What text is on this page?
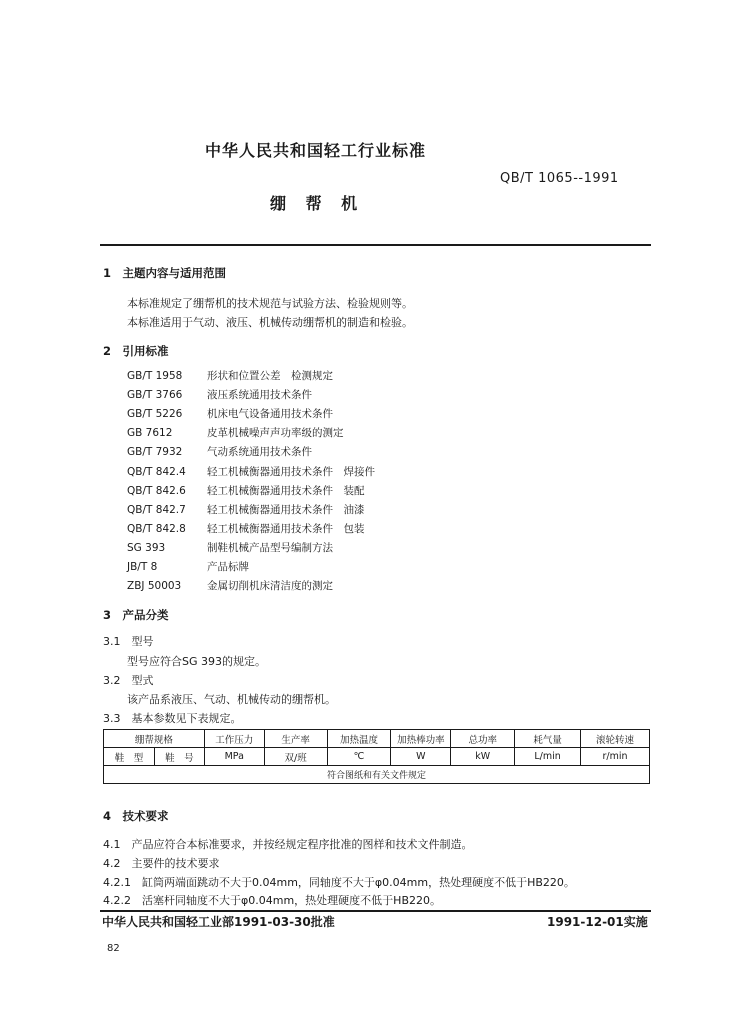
中华人民共和国轻工行业标准
QB/T 1065--1991
绷 帮 机
1　主题内容与适用范围
本标准规定了绷帮机的技术规范与试验方法、检验规则等。
本标准适用于气动、液压、机械传动绷帮机的制造和检验。
2　引用标准
GB/T 1958 形状和位置公差　检测规定
GB/T 3766 液压系统通用技术条件
GB/T 5226 机床电气设备通用技术条件
GB 7612	皮革机械噪声声功率级的测定
GB/T 7932 气动系统通用技术条件
QB/T 842.4 轻工机械衡器通用技术条件　焊接件
QB/T 842.6 轻工机械衡器通用技术条件　装配
QB/T 842.7 轻工机械衡器通用技术条件　油漆
QB/T 842.8 轻工机械衡器通用技术条件　包装
SG 393	制鞋机械产品型号编制方法
JB/T 8	产品标牌
ZBJ 50003 金属切削机床清洁度的测定
3　产品分类
3.1　型号
型号应符合SG 393的规定。
3.2　型式
该产品系液压、气动、机械传动的绷帮机。
3.3　基本参数见下表规定。
绷帮规格		工作压力	生产率	加热温度	加热棒功率	总功率	耗气量	滚轮转速
鞋　型	鞋　号	MPa	双/班	℃	W	kW	L/min	r/min
符合图纸和有关文件规定								
4　技术要求
4.1　产品应符合本标准要求，并按经规定程序批准的图样和技术文件制造。
4.2　主要件的技术要求
4.2.1　缸筒两端面跳动不大于0.04mm，同轴度不大于φ0.04mm，热处理硬度不低于HB220。
4.2.2　活塞杆同轴度不大于φ0.04mm，热处理硬度不低于HB220。
中华人民共和国轻工业部1991-03-30批准	1991-12-01实施
82
